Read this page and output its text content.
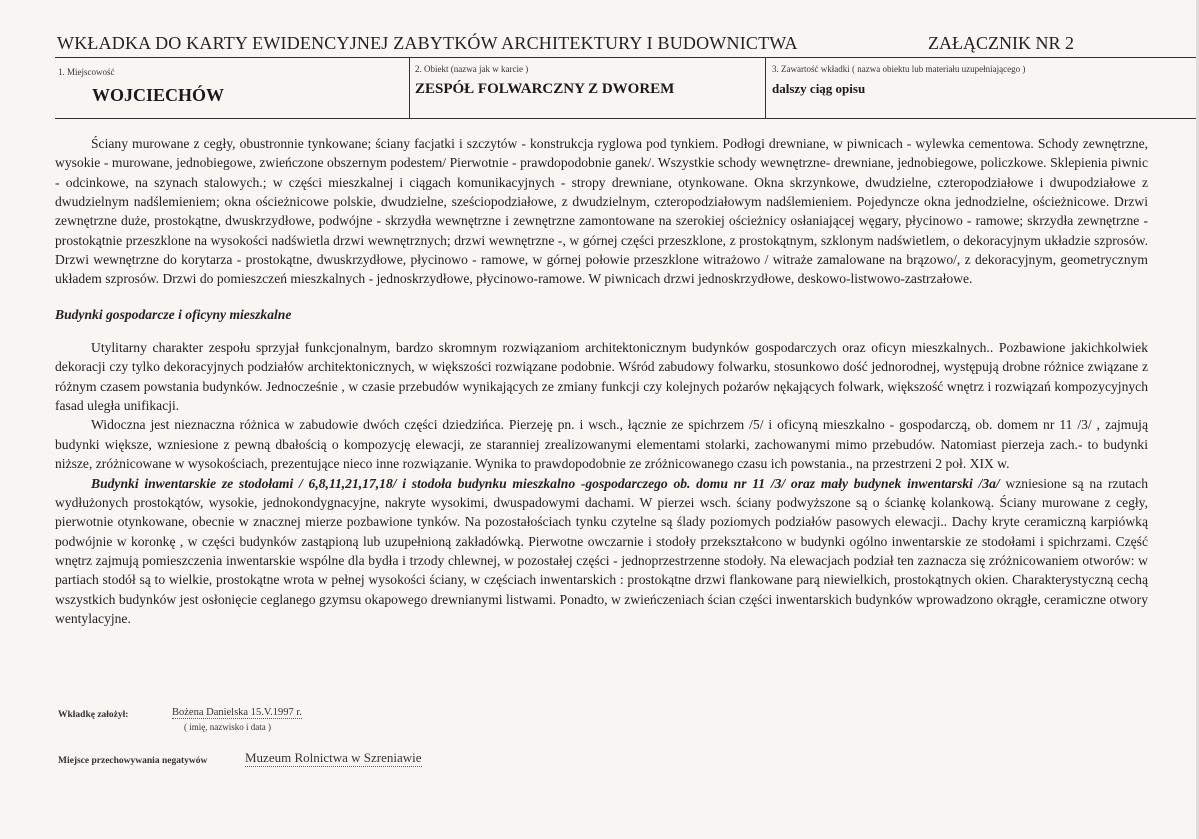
WKŁADKA DO KARTY EWIDENCYJNEJ ZABYTKÓW ARCHITEKTURY I BUDOWNICTWA	ZAŁĄCZNIK NR 2
1. Miejscowość
WOJCIECHÓW
2. Obiekt (nazwa jak w karcie )
ZESPÓŁ FOLWARCZNY Z DWOREM
3. Zawartość wkładki ( nazwa obiektu lub materiału uzupełniającego )
dalszy ciąg opisu

Ściany murowane z cegły, obustronnie tynkowane; ściany facjatki i szczytów - konstrukcja ryglowa pod tynkiem. Podłogi drewniane, w piwnicach - wylewka cementowa. Schody zewnętrzne, wysokie - murowane, jednobiegowe, zwieńczone obszernym podestem/ Pierwotnie - prawdopodobnie ganek/. Wszystkie schody wewnętrzne- drewniane, jednobiegowe, policzkowe. Sklepienia piwnic - odcinkowe, na szynach stalowych.; w części mieszkalnej i ciągach komunikacyjnych - stropy drewniane, otynkowane. Okna skrzynkowe, dwudzielne, czteropodziałowe i dwupodziałowe z dwudzielnym nadślemieniem; okna ościeżnicowe polskie, dwudzielne, sześciopodziałowe, z dwudzielnym, czteropodziałowym nadślemieniem. Pojedyncze okna jednodzielne, ościeżnicowe. Drzwi zewnętrzne duże, prostokątne, dwuskrzydłowe, podwójne - skrzydła wewnętrzne i zewnętrzne zamontowane na szerokiej ościeżnicy osłaniającej węgary, płycinowo - ramowe; skrzydła zewnętrzne - prostokątnie przeszklone na wysokości nadświetla drzwi wewnętrznych; drzwi wewnętrzne -, w górnej części przeszklone, z prostokątnym, szklonym nadświetlem, o dekoracyjnym układzie szprosów. Drzwi wewnętrzne do korytarza - prostokątne, dwuskrzydłowe, płycinowo - ramowe, w górnej połowie przeszklone witrażowo / witraże zamalowane na brązowo/, z dekoracyjnym, geometrycznym układem szprosów. Drzwi do pomieszczeń mieszkalnych - jednoskrzydłowe, płycinowo-ramowe. W piwnicach drzwi jednoskrzydłowe, deskowo-listwowo-zastrzałowe.

Budynki gospodarcze i oficyny mieszkalne

Utylitarny charakter zespołu sprzyjał funkcjonalnym, bardzo skromnym rozwiązaniom architektonicznym budynków gospodarczych oraz oficyn mieszkalnych.. Pozbawione jakichkolwiek dekoracji czy tylko dekoracyjnych podziałów architektonicznych, w większości rozwiązane podobnie. Wśród zabudowy folwarku, stosunkowo dość jednorodnej, występują drobne różnice związane z różnym czasem powstania budynków. Jednocześnie , w czasie przebudów wynikających ze zmiany funkcji czy kolejnych pożarów nękających folwark, większość wnętrz i rozwiązań kompozycyjnych fasad uległa unifikacji.

Widoczna jest nieznaczna różnica w zabudowie dwóch części dziedzińca. Pierzeję pn. i wsch., łącznie ze spichrzem /5/ i oficyną mieszkalno - gospodarczą, ob. domem nr 11 /3/ , zajmują budynki większe, wzniesione z pewną dbałością o kompozycję elewacji, ze staranniej zrealizowanymi elementami stolarki, zachowanymi mimo przebudów. Natomiast pierzeja zach.- to budynki niższe, zróżnicowane w wysokościach, prezentujące nieco inne rozwiązanie. Wynika to prawdopodobnie ze zróżnicowanego czasu ich powstania., na przestrzeni 2 poł. XIX w.

Budynki inwentarskie ze stodołami / 6,8,11,21,17,18/ i stodoła budynku mieszkalno -gospodarczego ob. domu nr 11 /3/ oraz mały budynek inwentarski /3a/ wzniesione są na rzutach wydłużonych prostokątów, wysokie, jednokondygnacyjne, nakryte wysokimi, dwuspadowymi dachami. W pierzei wsch. ściany podwyższone są o ściankę kolankową. Ściany murowane z cegły, pierwotnie otynkowane, obecnie w znacznej mierze pozbawione tynków. Na pozostałościach tynku czytelne są ślady poziomych podziałów pasowych elewacji.. Dachy kryte ceramiczną karpiówką podwójnie w koronkę , w części budynków zastąpioną lub uzupełnioną zakładówką. Pierwotne owczarnie i stodoły przekształcono w budynki ogólno inwentarskie ze stodołami i spichrzami. Część wnętrz zajmują pomieszczenia inwentarskie wspólne dla bydła i trzody chlewnej, w pozostałej części - jednoprzestrzenne stodoły. Na elewacjach podział ten zaznacza się zróżnicowaniem otworów: w partiach stodół są to wielkie, prostokątne wrota w pełnej wysokości ściany, w częściach inwentarskich : prostokątne drzwi flankowane parą niewielkich, prostokątnych okien. Charakterystyczną cechą wszystkich budynków jest osłonięcie ceglanego gzymsu okapowego drewnianymi listwami. Ponadto, w zwieńczeniach ścian części inwentarskich budynków wprowadzono okrągłe, ceramiczne otwory wentylacyjne.

Wkładkę założył:	Bożena Danielska 15.V.1997 r.
( imię, nazwisko i data )
Miejsce przechowywania negatywów	Muzeum Rolnictwa w Szreniawie
